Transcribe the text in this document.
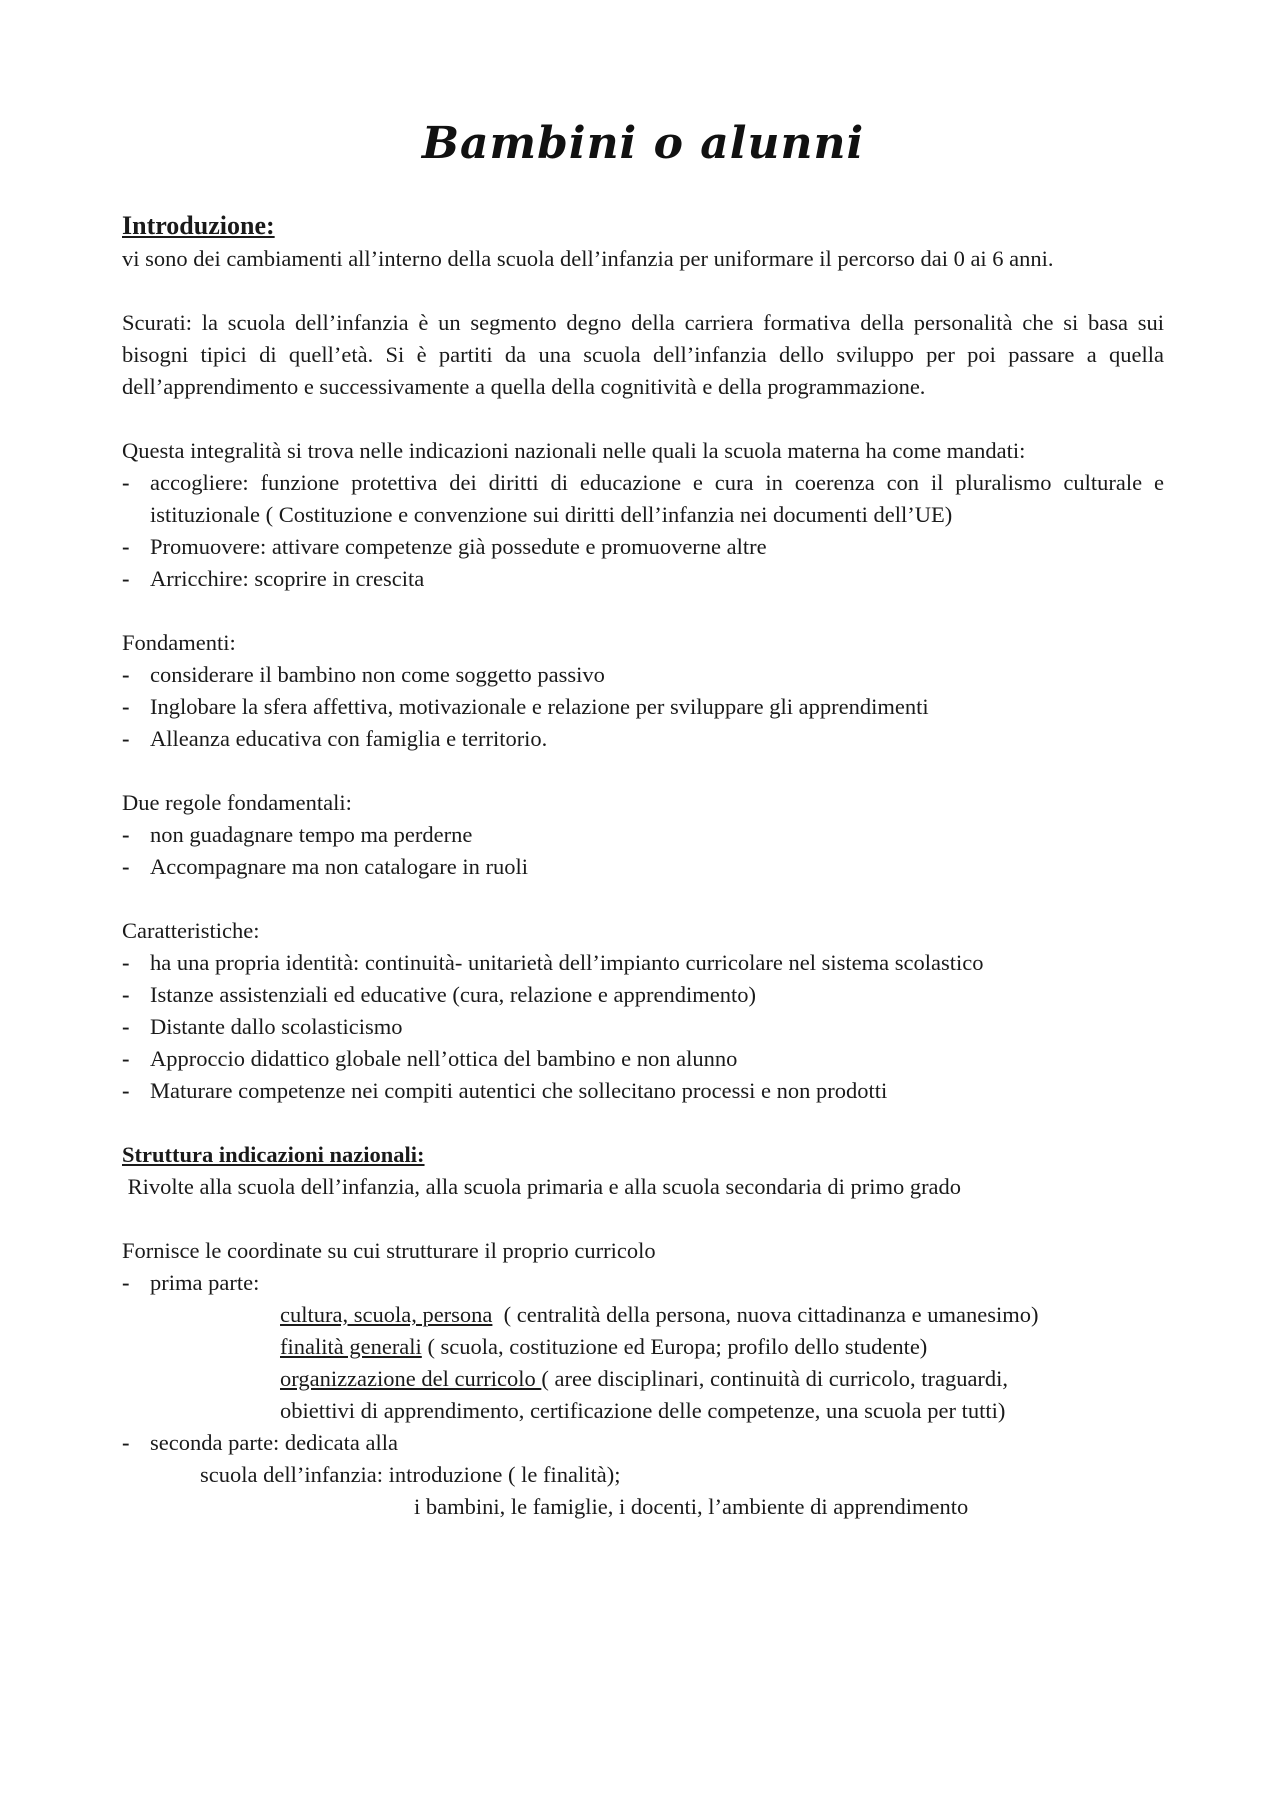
Bambini o alunni
Introduzione:

vi sono dei cambiamenti all’interno della scuola dell’infanzia per uniformare il percorso dai 0 ai 6 anni.

Scurati: la scuola dell’infanzia è un segmento degno della carriera formativa della personalità che si basa sui bisogni tipici di quell’età. Si è partiti da una scuola dell’infanzia dello sviluppo per poi passare a quella dell’apprendimento e successivamente a quella della cognitività e della programmazione.

Questa integralità si trova nelle indicazioni nazionali nelle quali la scuola materna ha come mandati:

- accogliere: funzione protettiva dei diritti di educazione e cura in coerenza con il pluralismo culturale e istituzionale ( Costituzione e convenzione sui diritti dell’infanzia nei documenti dell’UE)
- Promuovere: attivare competenze già possedute e promuoverne altre
- Arricchire: scoprire in crescita

Fondamenti:

- considerare il bambino non come soggetto passivo
- Inglobare la sfera affettiva, motivazionale e relazione per sviluppare gli apprendimenti
- Alleanza educativa con famiglia e territorio.

Due regole fondamentali:

- non guadagnare tempo ma perderne
- Accompagnare ma non catalogare in ruoli

Caratteristiche:

- ha una propria identità: continuità- unitarietà dell’impianto curricolare nel sistema scolastico
- Istanze assistenziali ed educative (cura, relazione e apprendimento)
- Distante dallo scolasticismo
- Approccio didattico globale nell’ottica del bambino e non alunno
- Maturare competenze nei compiti autentici che sollecitano processi e non prodotti

Struttura indicazioni nazionali:

Rivolte alla scuola dell’infanzia, alla scuola primaria e alla scuola secondaria di primo grado

Fornisce le coordinate su cui strutturare il proprio curricolo

- prima parte:
cultura, scuola, persona  ( centralità della persona, nuova cittadinanza e umanesimo)
finalità generali ( scuola, costituzione ed Europa; profilo dello studente)
organizzazione del curricolo ( aree disciplinari, continuità di curricolo, traguardi,
obiettivi di apprendimento, certificazione delle competenze, una scuola per tutti)
- seconda parte: dedicata alla
scuola dell’infanzia: introduzione ( le finalità);
i bambini, le famiglie, i docenti, l’ambiente di apprendimento
